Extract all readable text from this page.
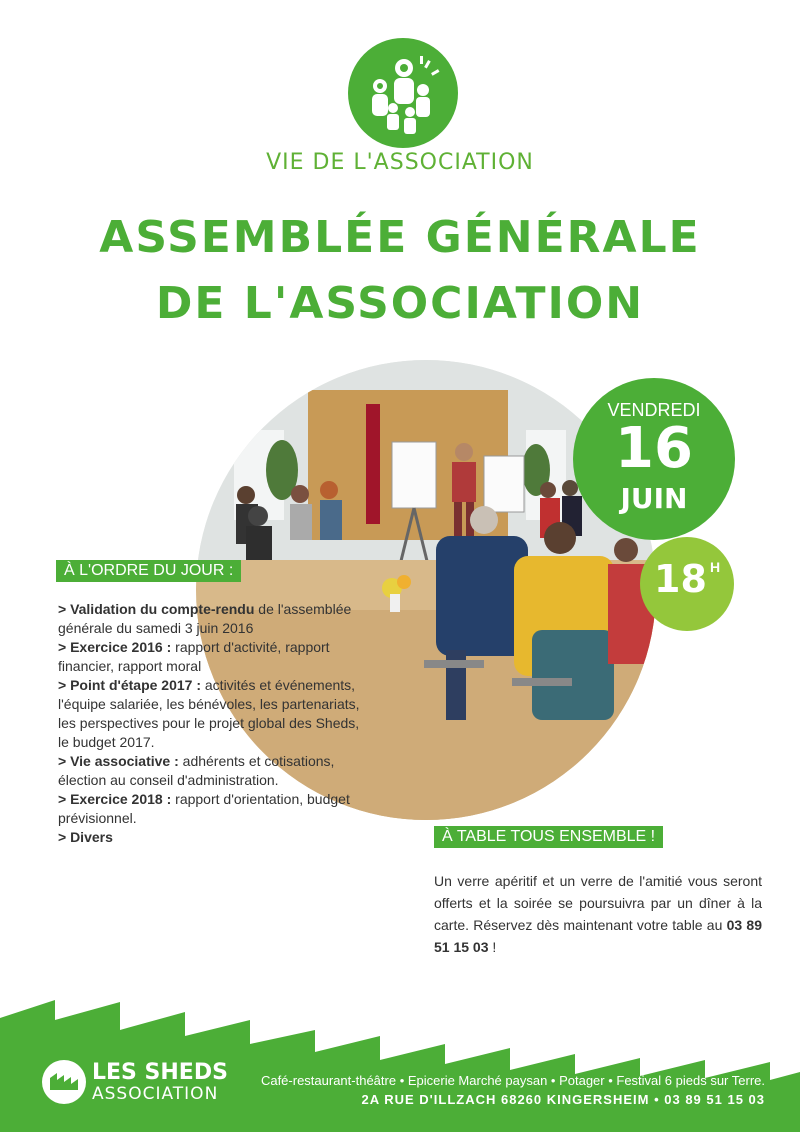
VIE DE L'ASSOCIATION
ASSEMBLÉE GÉNÉRALE
DE L'ASSOCIATION
VENDREDI
16
JUIN
18 H
À L'ORDRE DU JOUR :

> Validation du compte-rendu de l'assemblée générale du samedi 3 juin 2016

> Exercice 2016 : rapport d'activité, rapport financier, rapport moral

> Point d'étape 2017 : activités et événements, l'équipe salariée, les bénévoles, les partenariats, les perspectives pour le projet global des Sheds, le budget 2017.

> Vie associative : adhérents et cotisations, élection au conseil d'administration.

> Exercice 2018 : rapport d'orientation, budget prévisionnel.

> Divers	À TABLE TOUS ENSEMBLE !
Un verre apéritif et un verre de l'amitié vous seront offerts et la soirée se poursuivra par un dîner à la carte. Réservez dès maintenant votre table au 03 89 51 15 03 !
LES SHEDS
ASSOCIATION
Café-restaurant-théâtre • Epicerie Marché paysan • Potager • Festival 6 pieds sur Terre.
2A RUE D'ILLZACH 68260 KINGERSHEIM • 03 89 51 15 03
